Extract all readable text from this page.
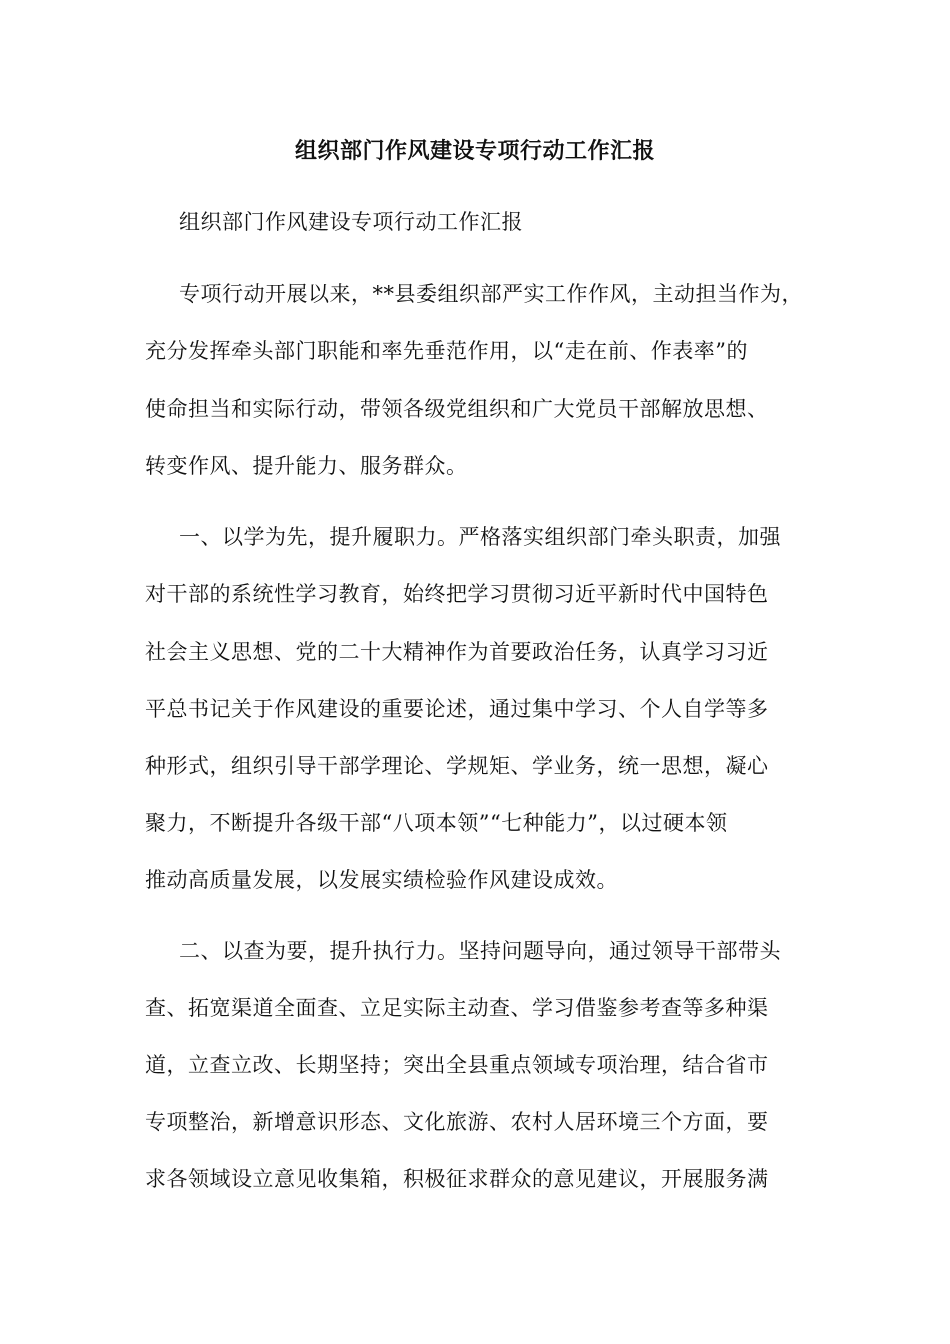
组织部门作风建设专项行动工作汇报
组织部门作风建设专项行动工作汇报
专项行动开展以来，**县委组织部严实工作作风，主动担当作为，
充分发挥牵头部门职能和率先垂范作用，以“走在前、作表率”的
使命担当和实际行动，带领各级党组织和广大党员干部解放思想、
转变作风、提升能力、服务群众。
一、以学为先，提升履职力。严格落实组织部门牵头职责，加强
对干部的系统性学习教育，始终把学习贯彻习近平新时代中国特色
社会主义思想、党的二十大精神作为首要政治任务，认真学习习近
平总书记关于作风建设的重要论述，通过集中学习、个人自学等多
种形式，组织引导干部学理论、学规矩、学业务，统一思想，凝心
聚力，不断提升各级干部“八项本领”“七种能力”，以过硬本领
推动高质量发展，以发展实绩检验作风建设成效。
二、以查为要，提升执行力。坚持问题导向，通过领导干部带头
查、拓宽渠道全面查、立足实际主动查、学习借鉴参考查等多种渠
道，立查立改、长期坚持；突出全县重点领域专项治理，结合省市
专项整治，新增意识形态、文化旅游、农村人居环境三个方面，要
求各领域设立意见收集箱，积极征求群众的意见建议，开展服务满
